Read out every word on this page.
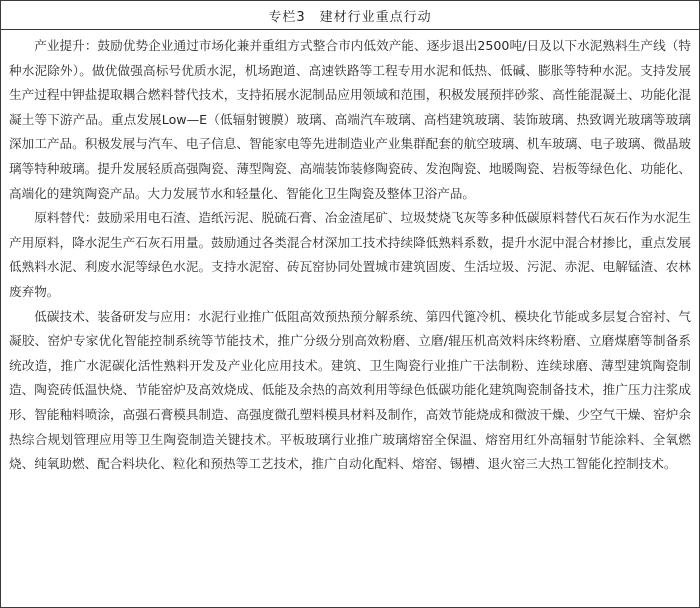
专栏3 建材行业重点行动

产业提升：鼓励优势企业通过市场化兼并重组方式整合市内低效产能、逐步退出2500吨/日及以下水泥熟料生产线（特种水泥除外）。做优做强高标号优质水泥，机场跑道、高速铁路等工程专用水泥和低热、低碱、膨胀等特种水泥。支持发展生产过程中钾盐提取耦合燃料替代技术，支持拓展水泥制品应用领域和范围，积极发展预拌砂浆、高性能混凝土、功能化混凝土等下游产品。重点发展Low—E（低辐射镀膜）玻璃、高端汽车玻璃、高档建筑玻璃、装饰玻璃、热致调光玻璃等玻璃深加工产品。积极发展与汽车、电子信息、智能家电等先进制造业产业集群配套的航空玻璃、机车玻璃、电子玻璃、微晶玻璃等特种玻璃。提升发展轻质高强陶瓷、薄型陶瓷、高端装饰装修陶瓷砖、发泡陶瓷、地暖陶瓷、岩板等绿色化、功能化、高端化的建筑陶瓷产品。大力发展节水和轻量化、智能化卫生陶瓷及整体卫浴产品。

原料替代：鼓励采用电石渣、造纸污泥、脱硫石膏、冶金渣尾矿、垃圾焚烧飞灰等多种低碳原料替代石灰石作为水泥生产用原料，降水泥生产石灰石用量。鼓励通过各类混合材深加工技术持续降低熟料系数，提升水泥中混合材掺比，重点发展低熟料水泥、利废水泥等绿色水泥。支持水泥窑、砖瓦窑协同处置城市建筑固废、生活垃圾、污泥、赤泥、电解锰渣、农林废弃物。

低碳技术、装备研发与应用：水泥行业推广低阻高效预热预分解系统、第四代篦冷机、模块化节能或多层复合窑衬、气凝胶、窑炉专家优化智能控制系统等节能技术，推广分级分别高效粉磨、立磨/辊压机高效料床终粉磨、立磨煤磨等制备系统改造，推广水泥碳化活性熟料开发及产业化应用技术。建筑、卫生陶瓷行业推广干法制粉、连续球磨、薄型建筑陶瓷制造、陶瓷砖低温快烧、节能窑炉及高效烧成、低能及余热的高效利用等绿色低碳功能化建筑陶瓷制备技术，推广压力注浆成形、智能釉料喷涂，高强石膏模具制造、高强度微孔塑料模具材料及制作，高效节能烧成和微波干燥、少空气干燥、窑炉余热综合规划管理应用等卫生陶瓷制造关键技术。平板玻璃行业推广玻璃熔窑全保温、熔窑用红外高辐射节能涂料、全氧燃烧、纯氧助燃、配合料块化、粒化和预热等工艺技术，推广自动化配料、熔窑、锡槽、退火窑三大热工智能化控制技术。
